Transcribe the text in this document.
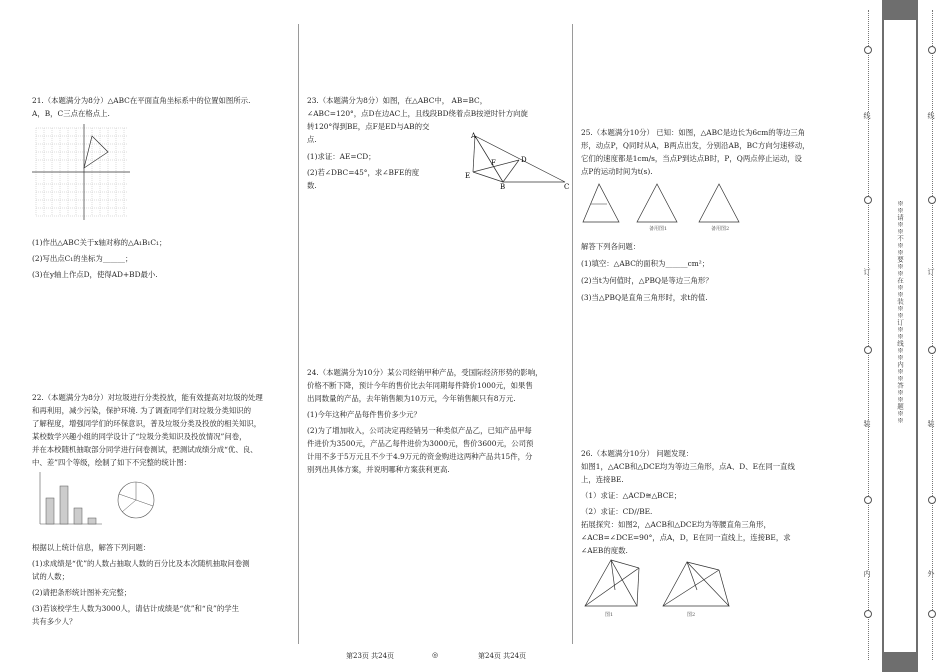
21.（本题满分为8分）△ABC在平面直角坐标系中的位置如图所示.

A，B，C三点在格点上.

(1)作出△ABC关于x轴对称的△A₁B₁C₁；

(2)写出点C₁的坐标为______；

(3)在y轴上作点D，使得AD+BD最小.

22.（本题满分为8分）对垃圾进行分类投放，能有效提高对垃圾的处理

和再利用，减少污染，保护环境. 为了调查同学们对垃圾分类知识的

了解程度，增强同学们的环保意识，普及垃圾分类及投放的相关知识，

某校数学兴趣小组的同学设计了“垃圾分类知识及投放情况”问卷，

并在本校随机抽取部分同学进行问卷测试，把测试成绩分成“优、良、

中、差”四个等级，绘制了如下不完整的统计图：

根据以上统计信息，解答下列问题：

(1)求成绩是“优”的人数占抽取人数的百分比及本次随机抽取问卷测

试的人数；

(2)请把条形统计图补充完整；

(3)若该校学生人数为3000人，请估计成绩是“优”和“良”的学生

共有多少人？

23.（本题满分为8分）如图，在△ABC中， AB=BC，

∠ABC=120°，点D在边AC上，且线段BD绕着点B按逆时针方向旋

转120°得到BE，点F是ED与AB的交

点.

(1)求证：AE=CD；

(2)若∠DBC=45°，求∠BFE的度

数.

A
F	D
E
B	C

24.（本题满分为10分）某公司经销甲种产品，受国际经济形势的影响，

价格不断下降，预计今年的售价比去年同期每件降价1000元，如果售

出同数量的产品，去年销售额为10万元，今年销售额只有8万元.

(1)今年这种产品每件售价多少元？

(2)为了增加收入，公司决定再经销另一种类似产品乙，已知产品甲每

件进价为3500元，产品乙每件进价为3000元，售价3600元，公司预

计用不多于5万元且不少于4.9万元的资金购进这两种产品共15件，分

别列出具体方案，并说明哪种方案获利更高.

25.（本题满分10分） 已知：如图，△ABC是边长为6cm的等边三角

形，动点P，Q同时从A，B两点出发，分别沿AB，BC方向匀速移动，

它们的速度都是1cm/s，当点P到达点B时，P，Q两点停止运动，设

点P的运动时间为t(s).

备用图1	备用图2

解答下列各问题：

(1)填空：△ABC的面积为______cm²；

(2)当t为何值时，△PBQ是等边三角形？

(3)当△PBQ是直角三角形时，求t的值.

26.（本题满分10分） 问题发现：

如图1，△ACB和△DCE均为等边三角形，点A、D、E在同一直线

上，连接BE.

（1）求证：△ACD≅△BCE；

（2）求证：CD//BE.

拓展探究：如图2，△ACB和△DCE均为等腰直角三角形，

∠ACB=∠DCE=90°，点A，D，E在同一直线上，连接BE，求

∠AEB的度数.

图1	图2
第23页 共24页	◎	第24页 共24页
线
订
装
内
※※请※※不※※要※※在※※装※※订※※线※※内※※答※※题※※
线
订
装
外
